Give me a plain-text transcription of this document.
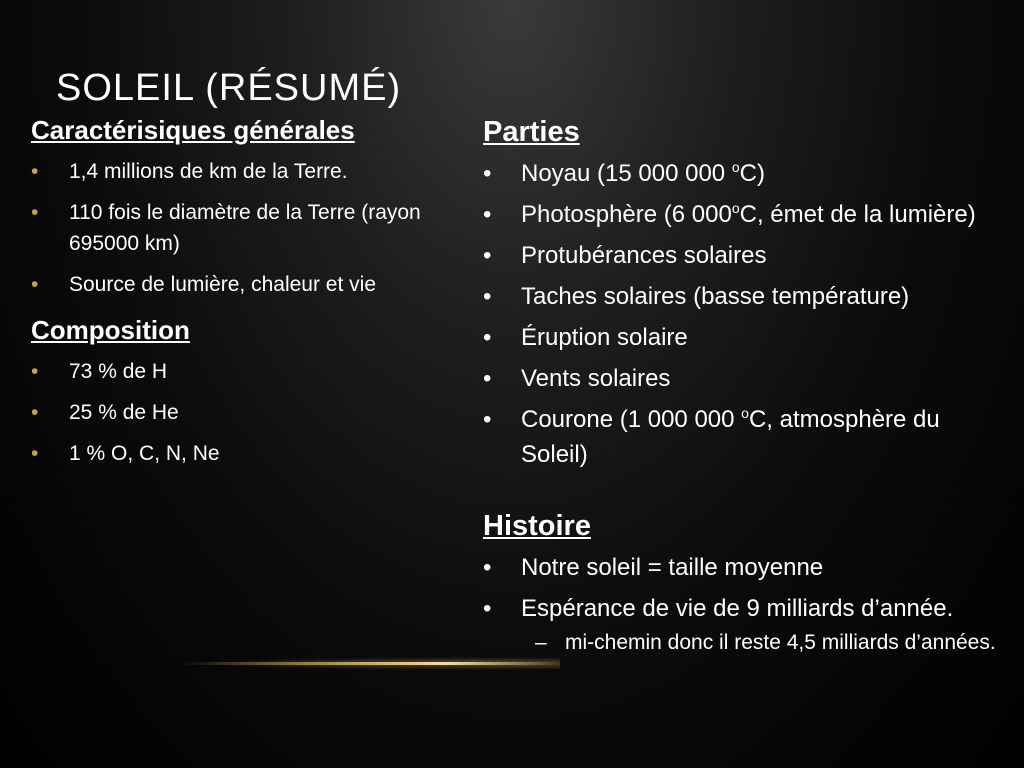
SOLEIL (RÉSUMÉ)
Caractérisiques générales
• 1,4 millions de km de la Terre.
• 110 fois le diamètre de la Terre (rayon 695000 km)
• Source de lumière, chaleur et vie
Composition
• 73 % de H
• 25 % de He
• 1 % O, C, N, Ne
Parties
• Noyau (15 000 000 $^o$C)
• Photosphère (6 000$^o$C, émet de la lumière)
• Protubérances solaires
• Taches solaires (basse température)
• Éruption solaire
• Vents solaires
• Courone (1 000 000 $^o$C, atmosphère du Soleil)
Histoire
• Notre soleil = taille moyenne
• Espérance de vie de 9 milliards d’année.
– mi-chemin donc il reste 4,5 milliards d’années.
